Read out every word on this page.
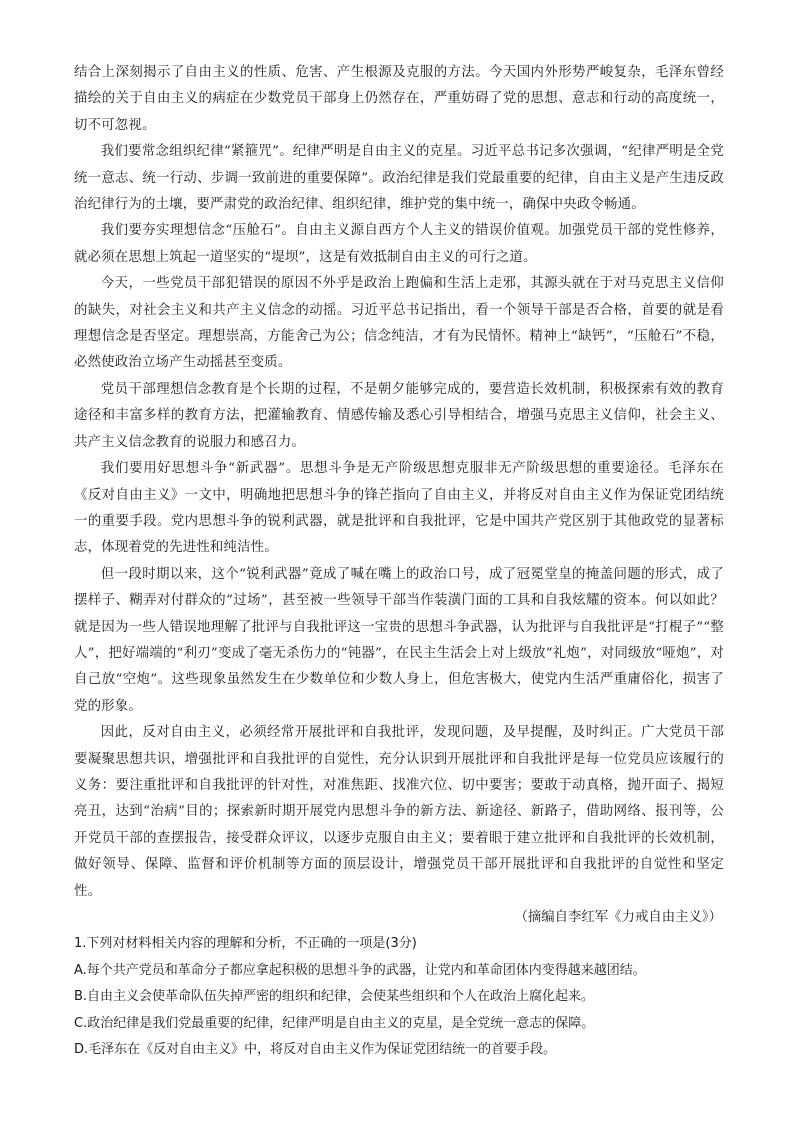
结合上深刻揭示了自由主义的性质、危害、产生根源及克服的方法。今天国内外形势严峻复杂，毛泽东曾经描绘的关于自由主义的病症在少数党员干部身上仍然存在，严重妨碍了党的思想、意志和行动的高度统一，切不可忽视。

我们要常念组织纪律“紧箍咒”。纪律严明是自由主义的克星。习近平总书记多次强调，“纪律严明是全党统一意志、统一行动、步调一致前进的重要保障”。政治纪律是我们党最重要的纪律，自由主义是产生违反政治纪律行为的土壤，要严肃党的政治纪律、组织纪律，维护党的集中统一，确保中央政令畅通。

我们要夯实理想信念“压舱石”。自由主义源自西方个人主义的错误价值观。加强党员干部的党性修养，就必须在思想上筑起一道坚实的“堤坝”，这是有效抵制自由主义的可行之道。

今天，一些党员干部犯错误的原因不外乎是政治上跑偏和生活上走邪，其源头就在于对马克思主义信仰的缺失，对社会主义和共产主义信念的动摇。习近平总书记指出，看一个领导干部是否合格，首要的就是看理想信念是否坚定。理想崇高，方能舍己为公；信念纯洁，才有为民情怀。精神上“缺钙”，“压舱石”不稳，必然使政治立场产生动摇甚至变质。

党员干部理想信念教育是个长期的过程，不是朝夕能够完成的，要营造长效机制，积极探索有效的教育途径和丰富多样的教育方法，把灌输教育、情感传输及悉心引导相结合，增强马克思主义信仰，社会主义、共产主义信念教育的说服力和感召力。

我们要用好思想斗争“新武器”。思想斗争是无产阶级思想克服非无产阶级思想的重要途径。毛泽东在《反对自由主义》一文中，明确地把思想斗争的锋芒指向了自由主义，并将反对自由主义作为保证党团结统一的重要手段。党内思想斗争的锐利武器，就是批评和自我批评，它是中国共产党区别于其他政党的显著标志，体现着党的先进性和纯洁性。

但一段时期以来，这个“锐利武器”竟成了喊在嘴上的政治口号，成了冠冕堂皇的掩盖问题的形式，成了摆样子、糊弄对付群众的“过场”，甚至被一些领导干部当作装潢门面的工具和自我炫耀的资本。何以如此？就是因为一些人错误地理解了批评与自我批评这一宝贵的思想斗争武器，认为批评与自我批评是“打棍子”“整人”，把好端端的“利刃”变成了毫无杀伤力的“钝器”，在民主生活会上对上级放“礼炮”，对同级放“哑炮”，对自己放“空炮”。这些现象虽然发生在少数单位和少数人身上，但危害极大，使党内生活严重庸俗化，损害了党的形象。

因此，反对自由主义，必须经常开展批评和自我批评，发现问题，及早提醒，及时纠正。广大党员干部要凝聚思想共识，增强批评和自我批评的自觉性，充分认识到开展批评和自我批评是每一位党员应该履行的义务：要注重批评和自我批评的针对性，对准焦距、找准穴位、切中要害；要敢于动真格，抛开面子、揭短亮丑，达到“治病”目的；探索新时期开展党内思想斗争的新方法、新途径、新路子，借助网络、报刊等，公开党员干部的查摆报告，接受群众评议，以逐步克服自由主义；要着眼于建立批评和自我批评的长效机制，做好领导、保障、监督和评价机制等方面的顶层设计，增强党员干部开展批评和自我批评的自觉性和坚定性。

（摘编自李红军《力戒自由主义》）

1.下列对材料相关内容的理解和分析，不正确的一项是(3分)

A.每个共产党员和革命分子都应拿起积极的思想斗争的武器，让党内和革命团体内变得越来越团结。

B.自由主义会使革命队伍失掉严密的组织和纪律，会使某些组织和个人在政治上腐化起来。

C.政治纪律是我们党最重要的纪律，纪律严明是自由主义的克星，是全党统一意志的保障。

D.毛泽东在《反对自由主义》中，将反对自由主义作为保证党团结统一的首要手段。
